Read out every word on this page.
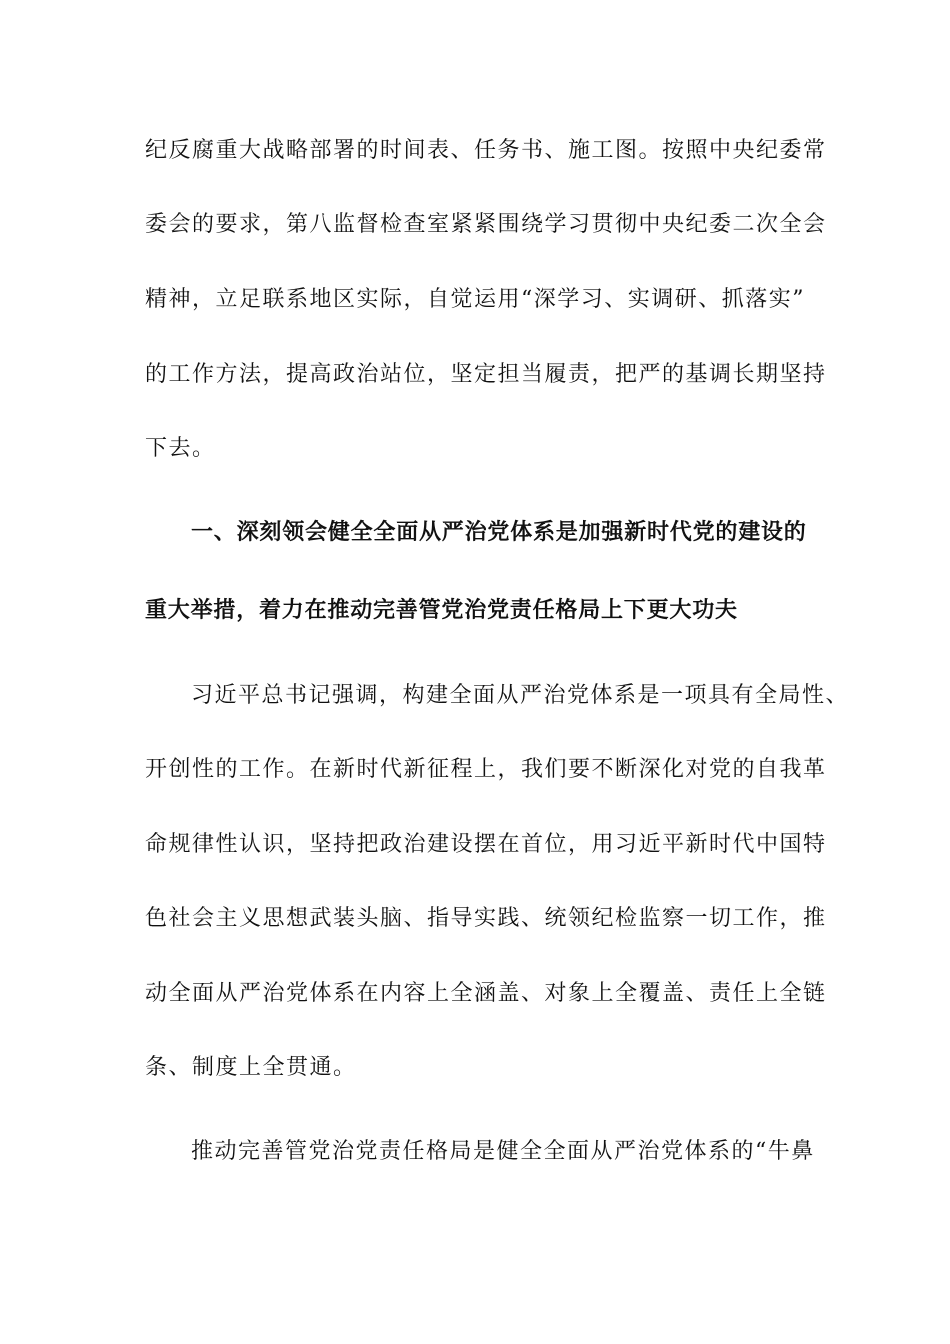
纪反腐重大战略部署的时间表、任务书、施工图。按照中央纪委常
委会的要求，第八监督检查室紧紧围绕学习贯彻中央纪委二次全会
精神，立足联系地区实际，自觉运用“深学习、实调研、抓落实”
的工作方法，提高政治站位，坚定担当履责，把严的基调长期坚持
下去。
一、深刻领会健全全面从严治党体系是加强新时代党的建设的
重大举措，着力在推动完善管党治党责任格局上下更大功夫
习近平总书记强调，构建全面从严治党体系是一项具有全局性、
开创性的工作。在新时代新征程上，我们要不断深化对党的自我革
命规律性认识，坚持把政治建设摆在首位，用习近平新时代中国特
色社会主义思想武装头脑、指导实践、统领纪检监察一切工作，推
动全面从严治党体系在内容上全涵盖、对象上全覆盖、责任上全链
条、制度上全贯通。
推动完善管党治党责任格局是健全全面从严治党体系的“牛鼻
